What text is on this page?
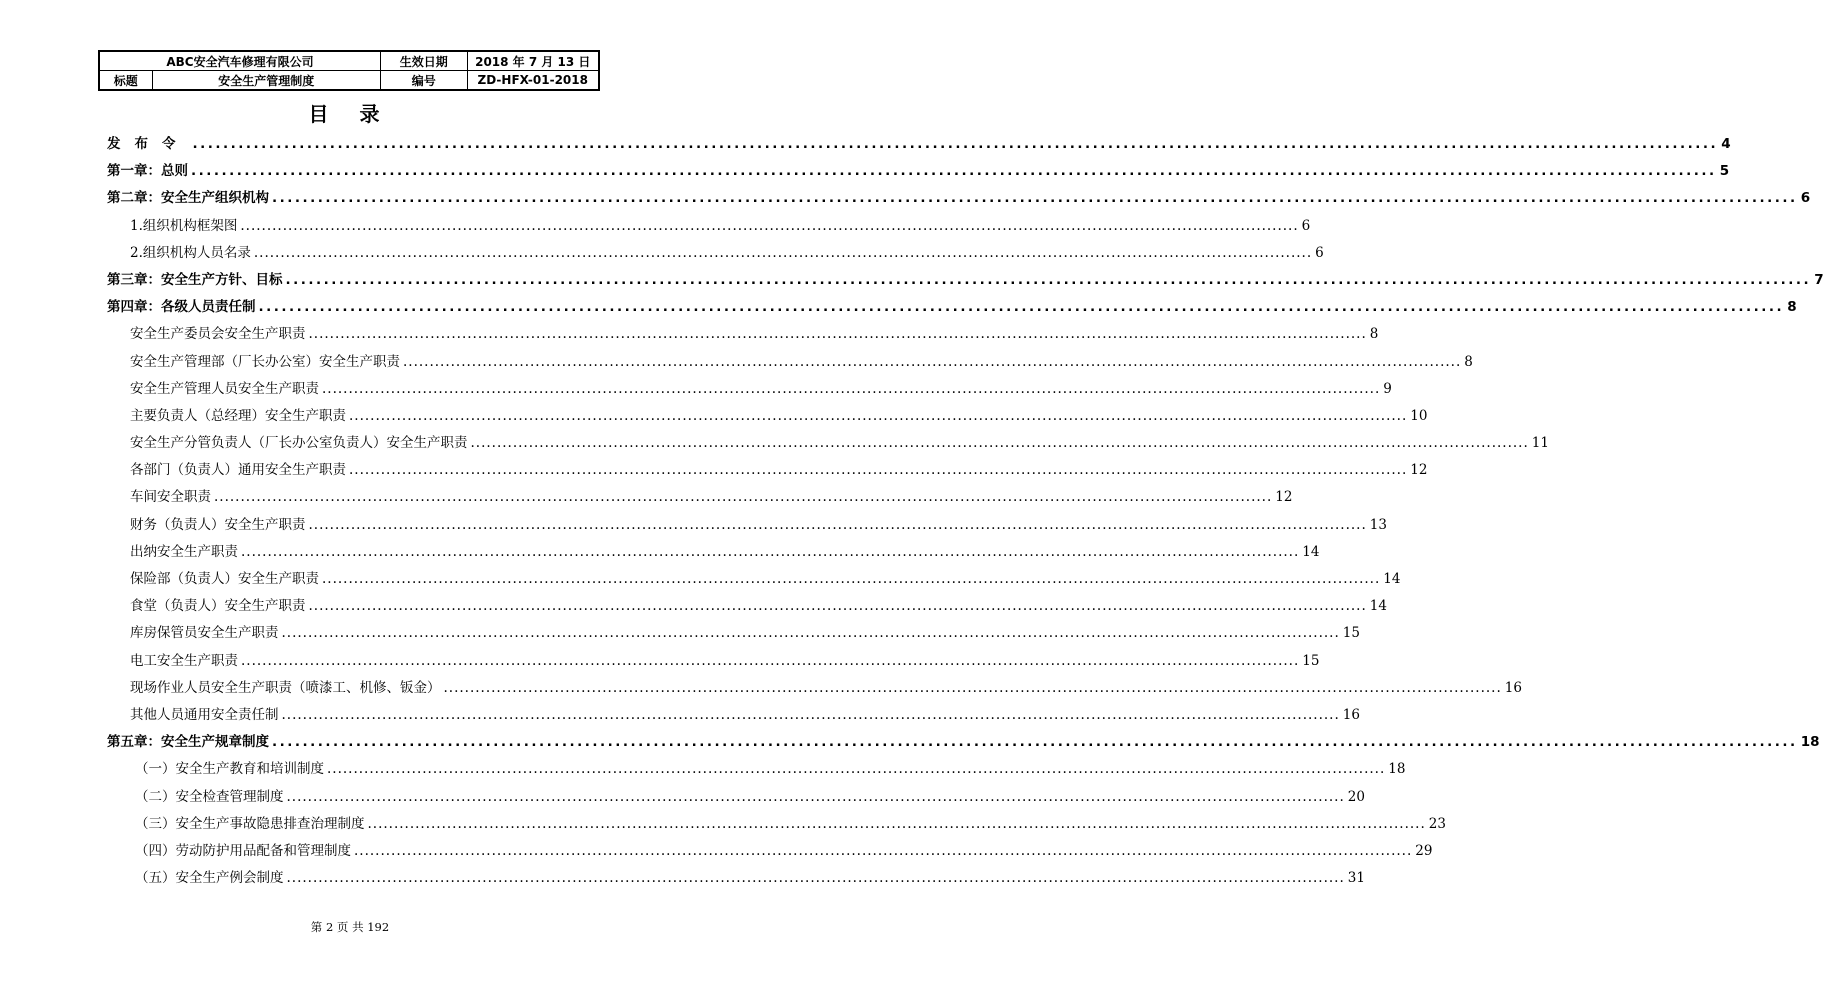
ABC安全汽车修理有限公司		生效日期	2018 年 7 月 13 日
标题	安全生产管理制度	编号	ZD-HFX-01-2018
目 录
发布令 ........................................................................................................................................................................................................ 4
第一章：总则 ........................................................................................................................................................................................................ 5
第二章：安全生产组织机构 ........................................................................................................................................................................................................ 6
1.组织机构框架图 ........................................................................................................................................................................................................ 6
2.组织机构人员名录 ........................................................................................................................................................................................................ 6
第三章：安全生产方针、目标 ........................................................................................................................................................................................................ 7
第四章：各级人员责任制 ........................................................................................................................................................................................................ 8
安全生产委员会安全生产职责 ........................................................................................................................................................................................................ 8
安全生产管理部（厂长办公室）安全生产职责 ........................................................................................................................................................................................................ 8
安全生产管理人员安全生产职责 ........................................................................................................................................................................................................ 9
主要负责人（总经理）安全生产职责 ........................................................................................................................................................................................................ 10
安全生产分管负责人（厂长办公室负责人）安全生产职责 ........................................................................................................................................................................................................ 11
各部门（负责人）通用安全生产职责 ........................................................................................................................................................................................................ 12
车间安全职责 ........................................................................................................................................................................................................ 12
财务（负责人）安全生产职责 ........................................................................................................................................................................................................ 13
出纳安全生产职责 ........................................................................................................................................................................................................ 14
保险部（负责人）安全生产职责 ........................................................................................................................................................................................................ 14
食堂（负责人）安全生产职责 ........................................................................................................................................................................................................ 14
库房保管员安全生产职责 ........................................................................................................................................................................................................ 15
电工安全生产职责 ........................................................................................................................................................................................................ 15
现场作业人员安全生产职责（喷漆工、机修、钣金） ........................................................................................................................................................................................................ 16
其他人员通用安全责任制 ........................................................................................................................................................................................................ 16
第五章：安全生产规章制度 ........................................................................................................................................................................................................ 18
（一）安全生产教育和培训制度 ........................................................................................................................................................................................................ 18
（二）安全检查管理制度 ........................................................................................................................................................................................................ 20
（三）安全生产事故隐患排查治理制度 ........................................................................................................................................................................................................ 23
（四）劳动防护用品配备和管理制度 ........................................................................................................................................................................................................ 29
（五）安全生产例会制度 ........................................................................................................................................................................................................ 31
第 2 页 共 192
